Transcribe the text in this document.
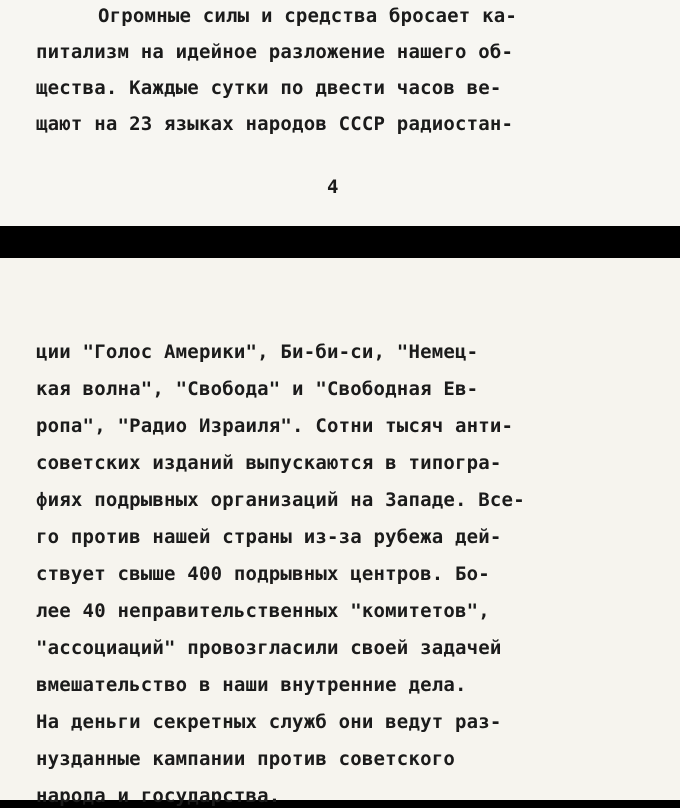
Огромные силы и средства бросает ка-
питализм на идейное разложение нашего об-
щества. Каждые сутки по двести часов ве-
щают на 23 языках народов СССР радиостан-
4
ции "Голос Америки", Би-би-си, "Немец-
кая волна", "Свобода" и "Свободная Ев-
ропа", "Радио Израиля". Сотни тысяч анти-
советских изданий выпускаются в типогра-
фиях подрывных организаций на Западе. Все-
го против нашей страны из-за рубежа дей-
ствует свыше 400 подрывных центров. Бо-
лее 40 неправительственных "комитетов",
"ассоциаций" провозгласили своей задачей
вмешательство в наши внутренние дела.
На деньги секретных служб они ведут раз-
нузданные кампании против советского
народа и государства.
